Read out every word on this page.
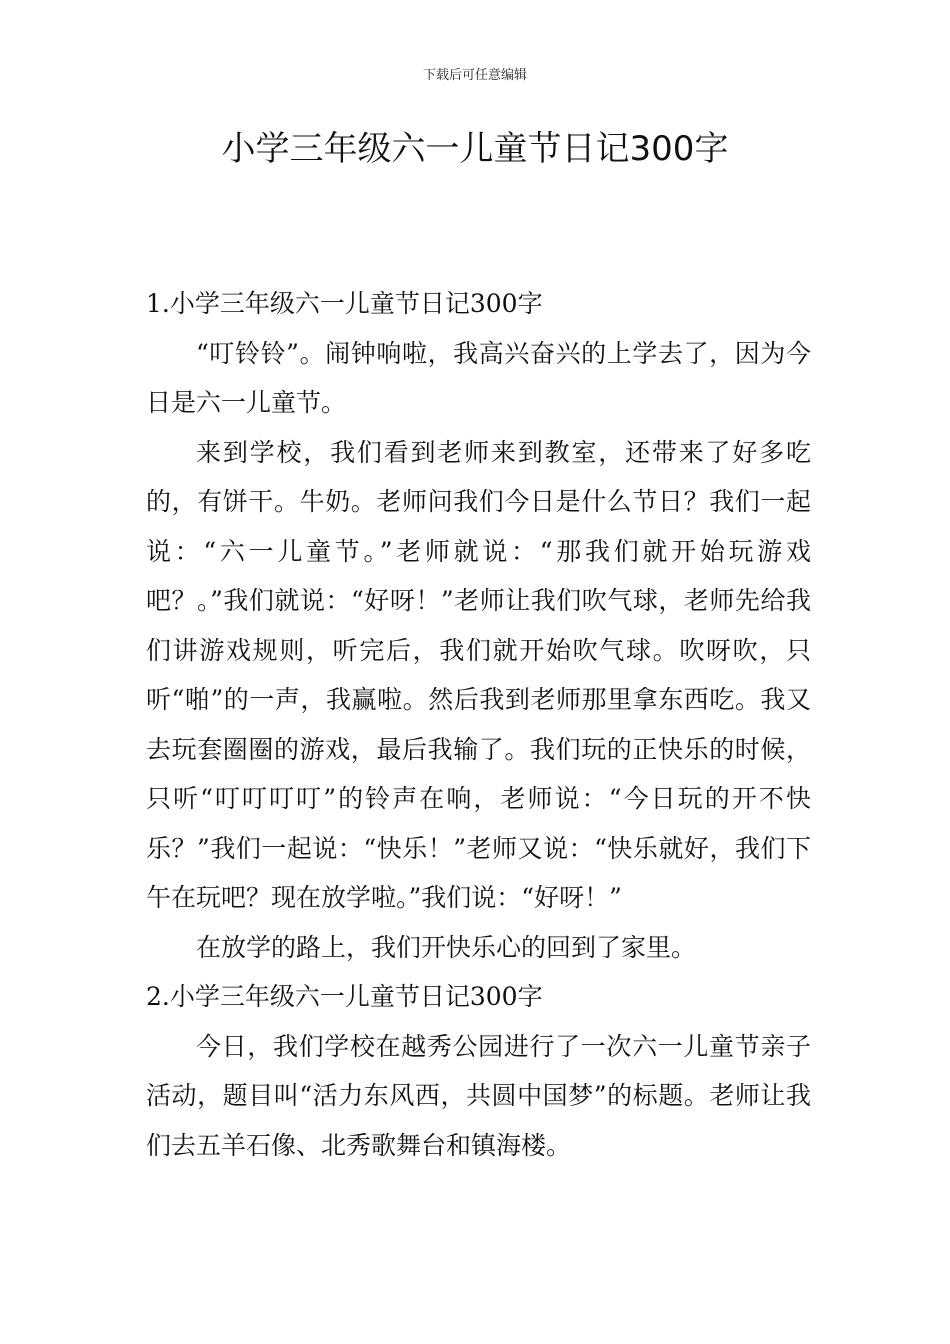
下载后可任意编辑
小学三年级六一儿童节日记300字
1.小学三年级六一儿童节日记300字

“叮铃铃”。闹钟响啦，我高兴奋兴的上学去了，因为今日是六一儿童节。

来到学校，我们看到老师来到教室，还带来了好多吃的，有饼干。牛奶。老师问我们今日是什么节日？我们一起说：“六一儿童节。”老师就说：“那我们就开始玩游戏吧？。”我们就说：“好呀！”老师让我们吹气球，老师先给我们讲游戏规则，听完后，我们就开始吹气球。吹呀吹，只听“啪”的一声，我赢啦。然后我到老师那里拿东西吃。我又去玩套圈圈的游戏，最后我输了。我们玩的正快乐的时候，只听“叮叮叮叮”的铃声在响，老师说：“今日玩的开不快乐？”我们一起说：“快乐！”老师又说：“快乐就好，我们下午在玩吧？现在放学啦。”我们说：“好呀！”

在放学的路上，我们开快乐心的回到了家里。

2.小学三年级六一儿童节日记300字

今日，我们学校在越秀公园进行了一次六一儿童节亲子活动，题目叫“活力东风西，共圆中国梦”的标题。老师让我们去五羊石像、北秀歌舞台和镇海楼。
